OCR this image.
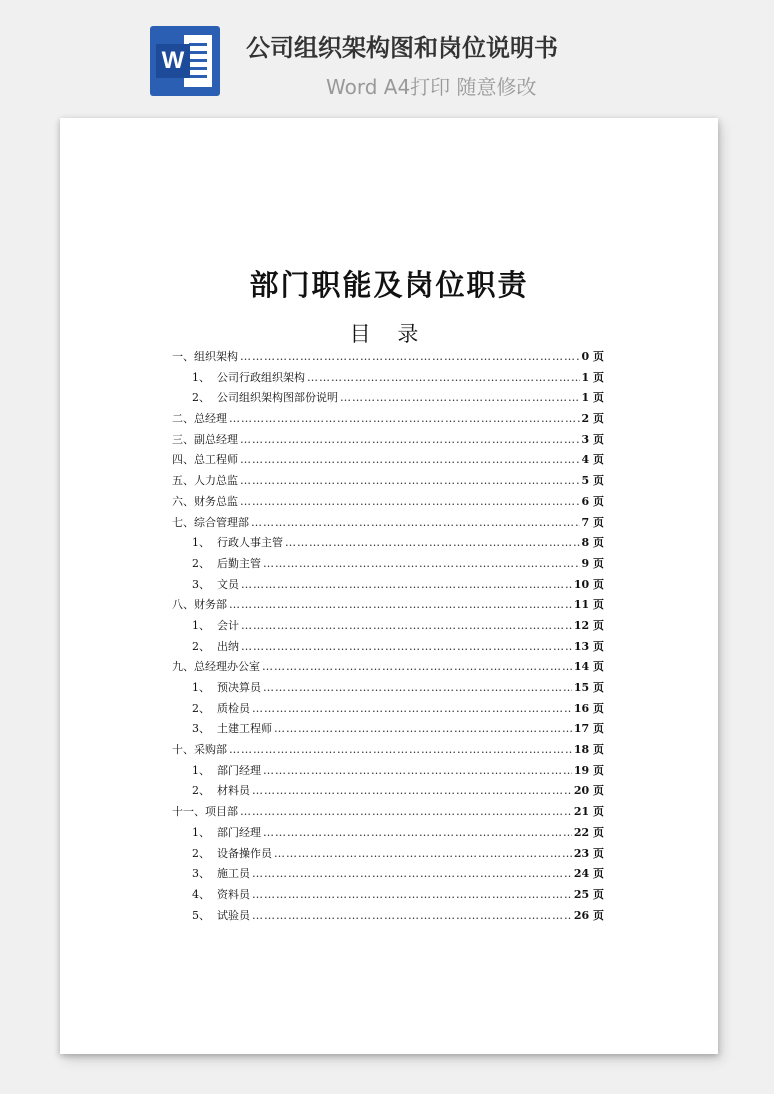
W	公司组织架构图和岗位说明书
Word A4打印 随意修改
部门职能及岗位职责
目 录
一、组织架构 ………………………………………………………………………………………………………………………………	0 页
1、 公司行政组织架构 ………………………………………………………………………………………………………………………………	1 页
2、 公司组织架构图部份说明 ………………………………………………………………………………………………………………………………	1 页
二、总经理 ………………………………………………………………………………………………………………………………	2 页
三、副总经理 ………………………………………………………………………………………………………………………………	3 页
四、总工程师 ………………………………………………………………………………………………………………………………	4 页
五、人力总监 ………………………………………………………………………………………………………………………………	5 页
六、财务总监 ………………………………………………………………………………………………………………………………	6 页
七、综合管理部 ………………………………………………………………………………………………………………………………	7 页
1、 行政人事主管 ………………………………………………………………………………………………………………………………	8 页
2、 后勤主管 ………………………………………………………………………………………………………………………………	9 页
3、 文员 ………………………………………………………………………………………………………………………………	10 页
八、财务部 ………………………………………………………………………………………………………………………………	11 页
1、 会计 ………………………………………………………………………………………………………………………………	12 页
2、 出纳 ………………………………………………………………………………………………………………………………	13 页
九、总经理办公室 ………………………………………………………………………………………………………………………………	14 页
1、 预决算员 ………………………………………………………………………………………………………………………………	15 页
2、 质检员 ………………………………………………………………………………………………………………………………	16 页
3、 土建工程师 ………………………………………………………………………………………………………………………………	17 页
十、采购部 ………………………………………………………………………………………………………………………………	18 页
1、 部门经理 ………………………………………………………………………………………………………………………………	19 页
2、 材料员 ………………………………………………………………………………………………………………………………	20 页
十一、项目部 ………………………………………………………………………………………………………………………………	21 页
1、 部门经理 ………………………………………………………………………………………………………………………………	22 页
2、 设备操作员 ………………………………………………………………………………………………………………………………	23 页
3、 施工员 ………………………………………………………………………………………………………………………………	24 页
4、 资料员 ………………………………………………………………………………………………………………………………	25 页
5、 试验员 ………………………………………………………………………………………………………………………………	26 页
